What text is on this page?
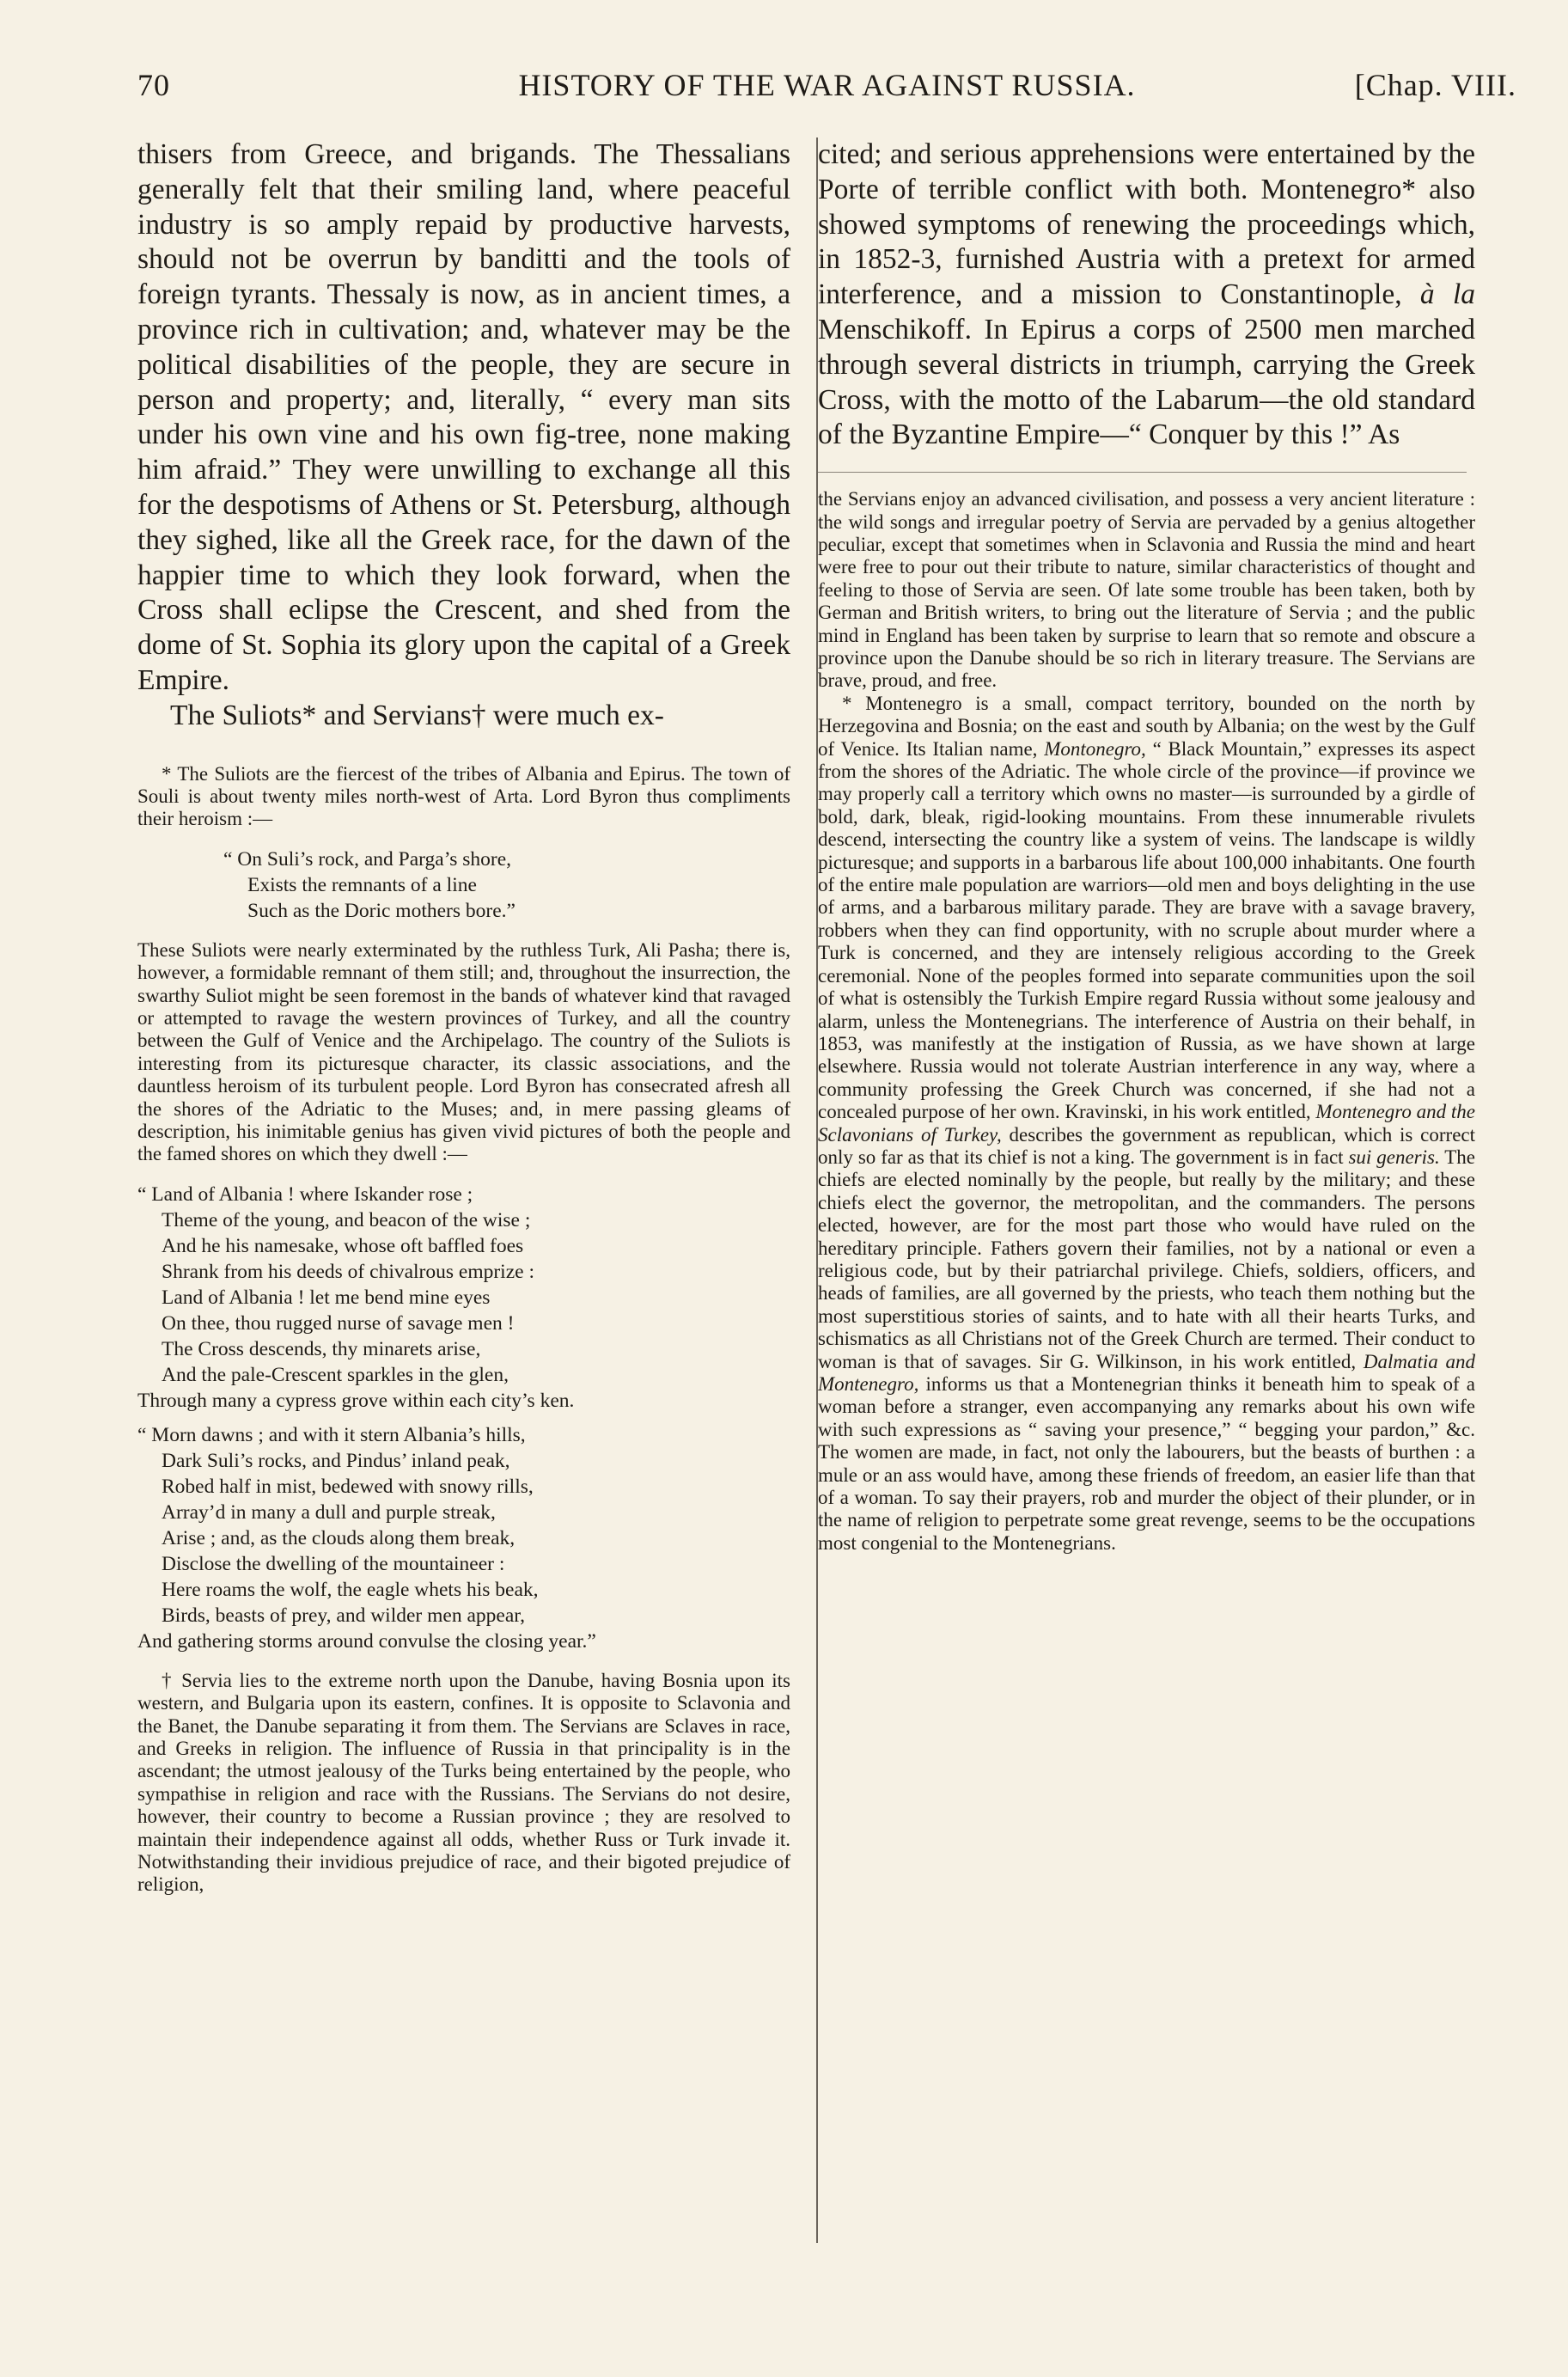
70	HISTORY OF THE WAR AGAINST RUSSIA.	[Chap. VIII.

thisers from Greece, and brigands. The Thessalians generally felt that their smiling land, where peaceful industry is so amply repaid by productive harvests, should not be overrun by banditti and the tools of foreign tyrants. Thessaly is now, as in ancient times, a province rich in cultivation; and, whatever may be the political disabilities of the people, they are secure in person and property; and, literally, “ every man sits under his own vine and his own fig-tree, none making him afraid.” They were unwilling to exchange all this for the despotisms of Athens or St. Petersburg, although they sighed, like all the Greek race, for the dawn of the happier time to which they look forward, when the Cross shall eclipse the Crescent, and shed from the dome of St. Sophia its glory upon the capital of a Greek Empire.

The Suliots* and Servians† were much ex-

* The Suliots are the fiercest of the tribes of Albania and Epirus. The town of Souli is about twenty miles north-west of Arta. Lord Byron thus compliments their heroism :—

“ On Suli’s rock, and Parga’s shore,
Exists the remnants of a line
Such as the Doric mothers bore.”

These Suliots were nearly exterminated by the ruthless Turk, Ali Pasha; there is, however, a formidable remnant of them still; and, throughout the insurrection, the swarthy Suliot might be seen foremost in the bands of whatever kind that ravaged or attempted to ravage the western provinces of Turkey, and all the country between the Gulf of Venice and the Archipelago. The country of the Suliots is interesting from its picturesque character, its classic associations, and the dauntless heroism of its turbulent people. Lord Byron has consecrated afresh all the shores of the Adriatic to the Muses; and, in mere passing gleams of description, his inimitable genius has given vivid pictures of both the people and the famed shores on which they dwell :—

“ Land of Albania ! where Iskander rose ;
Theme of the young, and beacon of the wise ;
And he his namesake, whose oft baffled foes
Shrank from his deeds of chivalrous emprize :
Land of Albania ! let me bend mine eyes
On thee, thou rugged nurse of savage men !
The Cross descends, thy minarets arise,
And the pale-Crescent sparkles in the glen,
Through many a cypress grove within each city’s ken.
“ Morn dawns ; and with it stern Albania’s hills,
Dark Suli’s rocks, and Pindus’ inland peak,
Robed half in mist, bedewed with snowy rills,
Array’d in many a dull and purple streak,
Arise ; and, as the clouds along them break,
Disclose the dwelling of the mountaineer :
Here roams the wolf, the eagle whets his beak,
Birds, beasts of prey, and wilder men appear,
And gathering storms around convulse the closing year.”

† Servia lies to the extreme north upon the Danube, having Bosnia upon its western, and Bulgaria upon its eastern, confines. It is opposite to Sclavonia and the Banet, the Danube separating it from them. The Servians are Sclaves in race, and Greeks in religion. The influence of Russia in that principality is in the ascendant; the utmost jealousy of the Turks being entertained by the people, who sympathise in religion and race with the Russians. The Servians do not desire, however, their country to become a Russian province ; they are resolved to maintain their independence against all odds, whether Russ or Turk invade it. Notwithstanding their invidious prejudice of race, and their bigoted prejudice of religion,

cited; and serious apprehensions were entertained by the Porte of terrible conflict with both. Montenegro* also showed symptoms of renewing the proceedings which, in 1852-3, furnished Austria with a pretext for armed interference, and a mission to Constantinople, à la Menschikoff. In Epirus a corps of 2500 men marched through several districts in triumph, carrying the Greek Cross, with the motto of the Labarum—the old standard of the Byzantine Empire—“ Conquer by this !” As

the Servians enjoy an advanced civilisation, and possess a very ancient literature : the wild songs and irregular poetry of Servia are pervaded by a genius altogether peculiar, except that sometimes when in Sclavonia and Russia the mind and heart were free to pour out their tribute to nature, similar characteristics of thought and feeling to those of Servia are seen. Of late some trouble has been taken, both by German and British writers, to bring out the literature of Servia ; and the public mind in England has been taken by surprise to learn that so remote and obscure a province upon the Danube should be so rich in literary treasure. The Servians are brave, proud, and free.

* Montenegro is a small, compact territory, bounded on the north by Herzegovina and Bosnia; on the east and south by Albania; on the west by the Gulf of Venice. Its Italian name, Montonegro, “ Black Mountain,” expresses its aspect from the shores of the Adriatic. The whole circle of the province—if province we may properly call a territory which owns no master—is surrounded by a girdle of bold, dark, bleak, rigid-looking mountains. From these innumerable rivulets descend, intersecting the country like a system of veins. The landscape is wildly picturesque; and supports in a barbarous life about 100,000 inhabitants. One fourth of the entire male population are warriors—old men and boys delighting in the use of arms, and a barbarous military parade. They are brave with a savage bravery, robbers when they can find opportunity, with no scruple about murder where a Turk is concerned, and they are intensely religious according to the Greek ceremonial. None of the peoples formed into separate communities upon the soil of what is ostensibly the Turkish Empire regard Russia without some jealousy and alarm, unless the Montenegrians. The interference of Austria on their behalf, in 1853, was manifestly at the instigation of Russia, as we have shown at large elsewhere. Russia would not tolerate Austrian interference in any way, where a community professing the Greek Church was concerned, if she had not a concealed purpose of her own. Kravinski, in his work entitled, Montenegro and the Sclavonians of Turkey, describes the government as republican, which is correct only so far as that its chief is not a king. The government is in fact sui generis. The chiefs are elected nominally by the people, but really by the military; and these chiefs elect the governor, the metropolitan, and the commanders. The persons elected, however, are for the most part those who would have ruled on the hereditary principle. Fathers govern their families, not by a national or even a religious code, but by their patriarchal privilege. Chiefs, soldiers, officers, and heads of families, are all governed by the priests, who teach them nothing but the most superstitious stories of saints, and to hate with all their hearts Turks, and schismatics as all Christians not of the Greek Church are termed. Their conduct to woman is that of savages. Sir G. Wilkinson, in his work entitled, Dalmatia and Montenegro, informs us that a Montenegrian thinks it beneath him to speak of a woman before a stranger, even accompanying any remarks about his own wife with such expressions as “ saving your presence,” “ begging your pardon,” &c. The women are made, in fact, not only the labourers, but the beasts of burthen : a mule or an ass would have, among these friends of freedom, an easier life than that of a woman. To say their prayers, rob and murder the object of their plunder, or in the name of religion to perpetrate some great revenge, seems to be the occupations most congenial to the Montenegrians.
